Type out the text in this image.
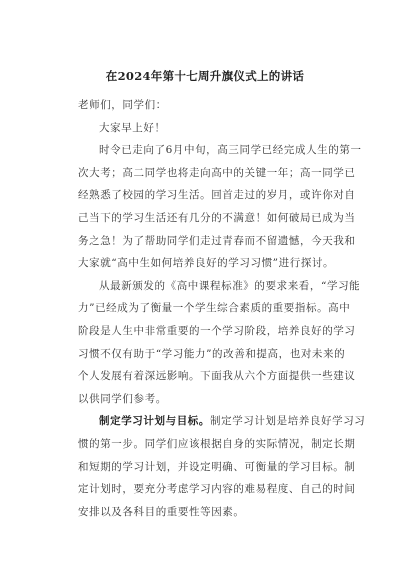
在2024年第十七周升旗仪式上的讲话
老师们，同学们：
大家早上好！
时令已走向了6月中旬，高三同学已经完成人生的第一
次大考；高二同学也将走向高中的关键一年；高一同学已
经熟悉了校园的学习生活。回首走过的岁月，或许你对自
己当下的学习生活还有几分的不满意！如何破局已成为当
务之急！为了帮助同学们走过青春而不留遗憾，今天我和
大家就“高中生如何培养良好的学习习惯”进行探讨。
从最新颁发的《高中课程标准》的要求来看，“学习能
力”已经成为了衡量一个学生综合素质的重要指标。高中
阶段是人生中非常重要的一个学习阶段，培养良好的学习
习惯不仅有助于“学习能力”的改善和提高，也对未来的
个人发展有着深远影响。下面我从六个方面提供一些建议
以供同学们参考。
制定学习计划与目标。制定学习计划是培养良好学习习
惯的第一步。同学们应该根据自身的实际情况，制定长期
和短期的学习计划，并设定明确、可衡量的学习目标。制
定计划时，要充分考虑学习内容的难易程度、自己的时间
安排以及各科目的重要性等因素。
